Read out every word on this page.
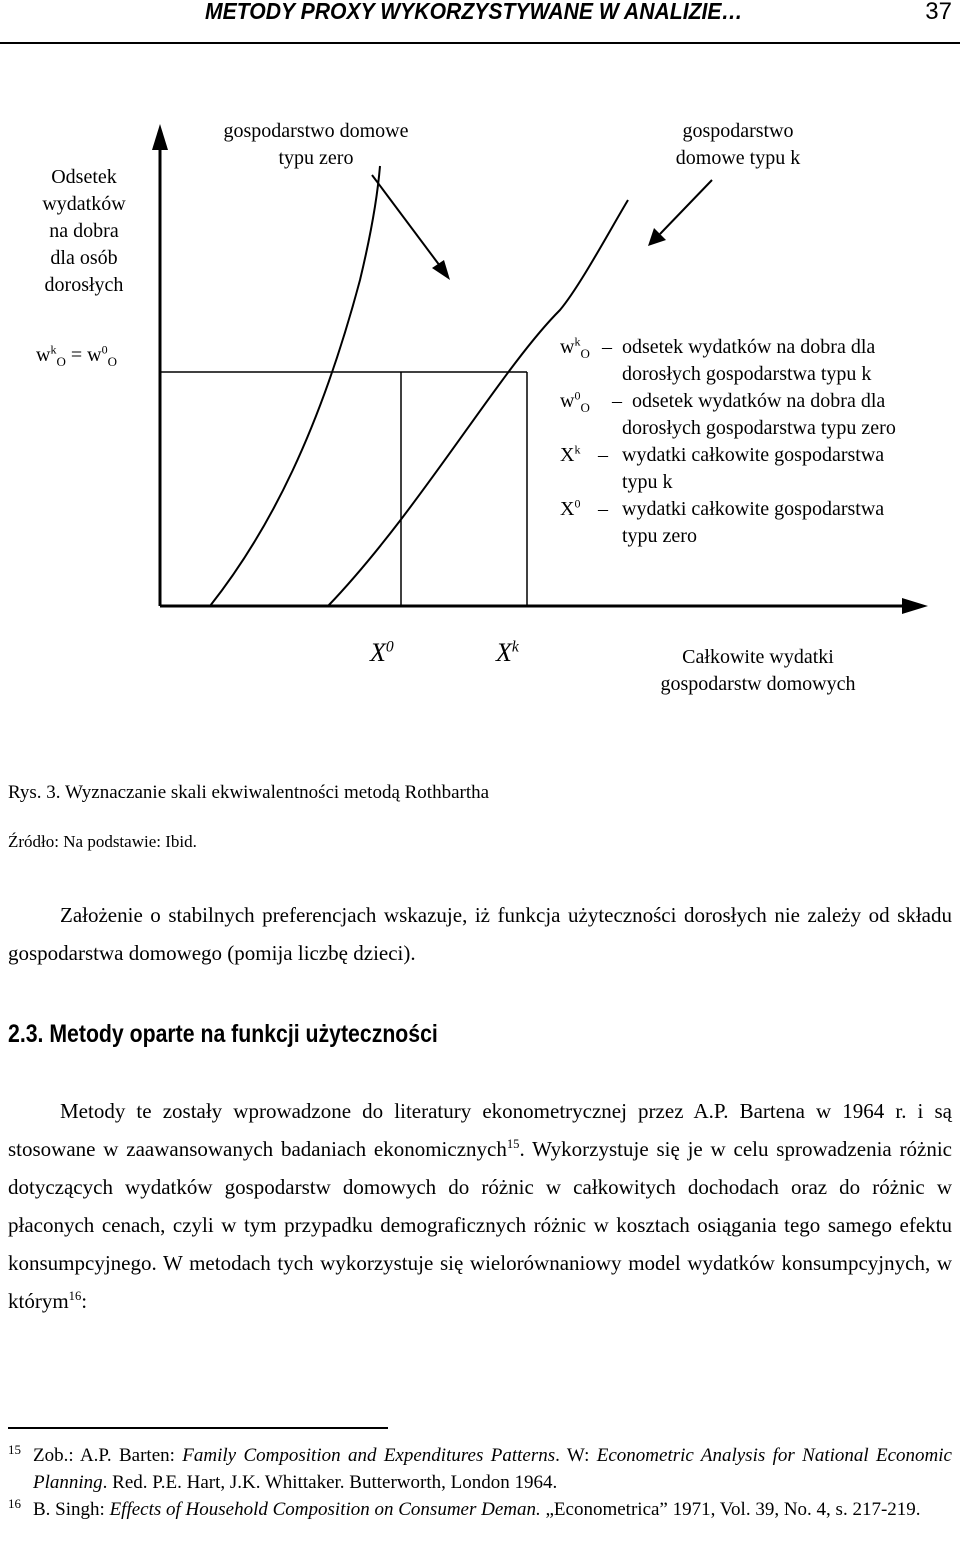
METODY PROXY WYKORZYSTYWANE W ANALIZIE…	37
Odsetek
wydatków
na dobra
dla osób
dorosłych
$w^k_O = w^0_O$
gospodarstwo domowe
typu zero
gospodarstwo
domowe typu k
$w^k_O$ – odsetek wydatków na dobra dla
dorosłych gospodarstwa typu k
$w^0_O$ – odsetek wydatków na dobra dla
dorosłych gospodarstwa typu zero
$X^k$ – wydatki całkowite gospodarstwa
typu k
$X^0$ – wydatki całkowite gospodarstwa
typu zero
$X^0$	$X^k$	Całkowite wydatki
gospodarstw domowych
Rys. 3. Wyznaczanie skali ekwiwalentności metodą Rothbartha
Źródło: Na podstawie: Ibid.

Założenie o stabilnych preferencjach wskazuje, iż funkcja użyteczności dorosłych nie zależy od składu gospodarstwa domowego (pomija liczbę dzieci).

2.3. Metody oparte na funkcji użyteczności

Metody te zostały wprowadzone do literatury ekonometrycznej przez A.P. Bartena w 1964 r. i są stosowane w zaawansowanych badaniach ekonomicznych$^{15}$. Wykorzystuje się je w celu sprowadzenia różnic dotyczących wydatków gospodarstw domowych do różnic w całkowitych dochodach oraz do różnic w płaconych cenach, czyli w tym przypadku demograficznych różnic w kosztach osiągania tego samego efektu konsumpcyjnego. W metodach tych wykorzystuje się wielorównaniowy model wydatków konsumpcyjnych, w którym$^{16}$:

15 Zob.: A.P. Barten: Family Composition and Expenditures Patterns. W: Econometric Analysis for National Economic Planning. Red. P.E. Hart, J.K. Whittaker. Butterworth, London 1964.
16 B. Singh: Effects of Household Composition on Consumer Deman. „Econometrica” 1971, Vol. 39, No. 4, s. 217-219.
